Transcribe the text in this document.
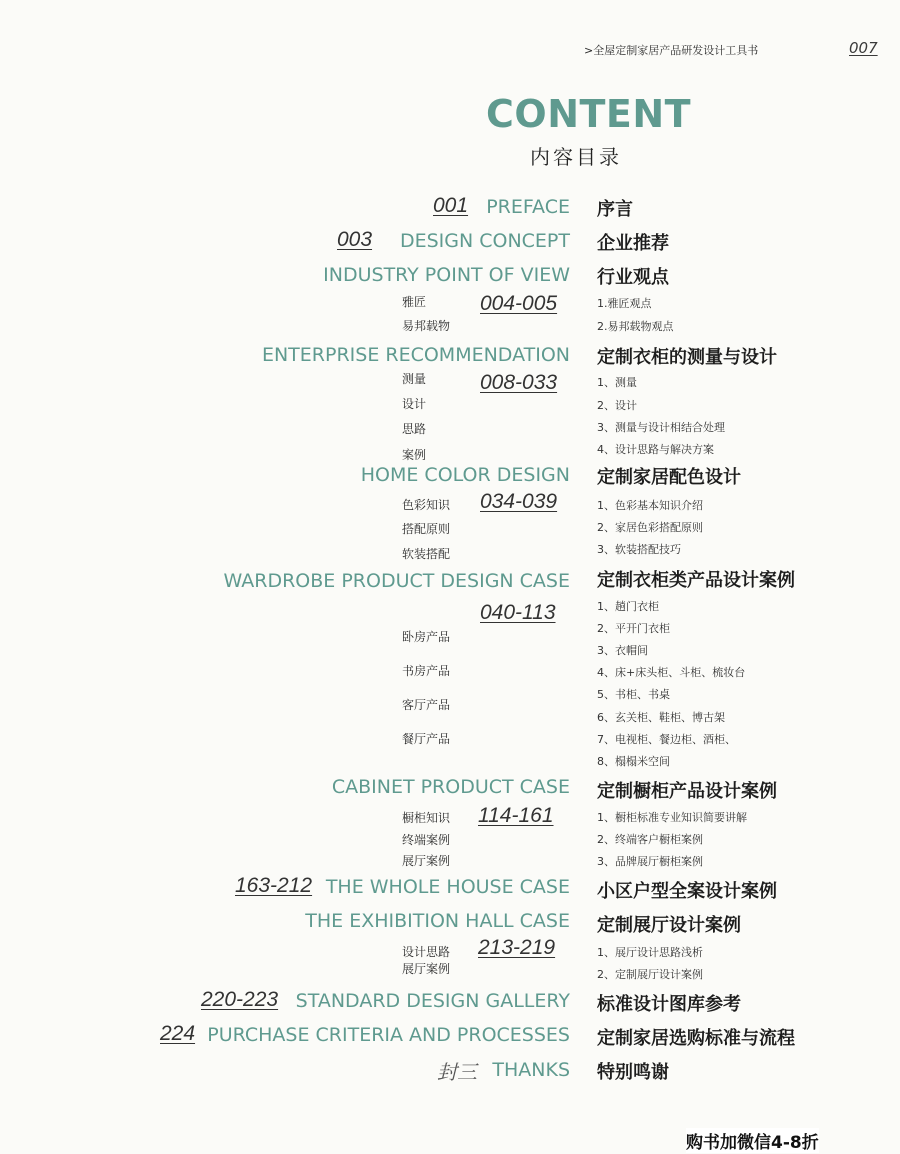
>全屋定制家居产品研发设计工具书	007
CONTENT
内容目录
001 PREFACE 序言
003 DESIGN CONCEPT 企业推荐
INDUSTRY POINT OF VIEW 行业观点
004-005
雅匠
易邦载物
1.雅匠观点
2.易邦载物观点
ENTERPRISE RECOMMENDATION 定制衣柜的测量与设计
008-033
测量
设计
思路
案例
1、测量
2、设计
3、测量与设计相结合处理
4、设计思路与解决方案
HOME COLOR DESIGN 定制家居配色设计
034-039
色彩知识
搭配原则
软装搭配
1、色彩基本知识介绍
2、家居色彩搭配原则
3、软装搭配技巧
WARDROBE PRODUCT DESIGN CASE 定制衣柜类产品设计案例
040-113
卧房产品
书房产品
客厅产品
餐厅产品
1、趟门衣柜
2、平开门衣柜
3、衣帽间
4、床+床头柜、斗柜、梳妆台
5、书柜、书桌
6、玄关柜、鞋柜、博古架
7、电视柜、餐边柜、酒柜、
8、榻榻米空间
CABINET PRODUCT CASE 定制橱柜产品设计案例
114-161
橱柜知识
终端案例
展厅案例
1、橱柜标准专业知识简要讲解
2、终端客户橱柜案例
3、品牌展厅橱柜案例
163-212 THE WHOLE HOUSE CASE 小区户型全案设计案例
THE EXHIBITION HALL CASE 定制展厅设计案例
213-219
设计思路
展厅案例
1、展厅设计思路浅析
2、定制展厅设计案例
220-223 STANDARD DESIGN GALLERY 标准设计图库参考
224 PURCHASE CRITERIA AND PROCESSES 定制家居选购标准与流程
封三 THANKS 特别鸣谢
购书加微信4-8折
